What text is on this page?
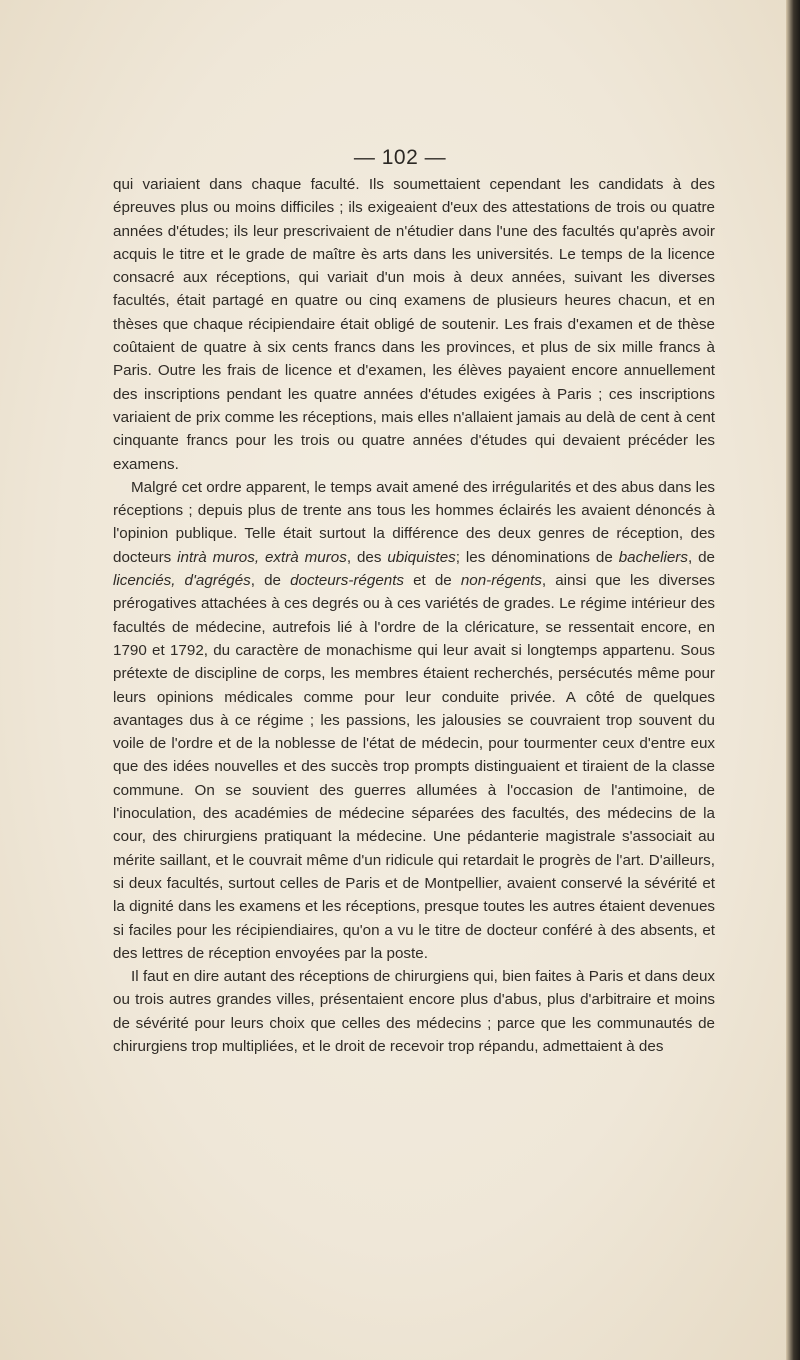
— 102 —

qui variaient dans chaque faculté. Ils soumettaient cependant les candidats à des épreuves plus ou moins difficiles ; ils exigeaient d'eux des attestations de trois ou quatre années d'études; ils leur prescrivaient de n'étudier dans l'une des facultés qu'après avoir acquis le titre et le grade de maître ès arts dans les universités. Le temps de la licence consacré aux réceptions, qui variait d'un mois à deux années, suivant les diverses facultés, était partagé en quatre ou cinq examens de plusieurs heures chacun, et en thèses que chaque récipiendaire était obligé de soutenir. Les frais d'examen et de thèse coûtaient de quatre à six cents francs dans les provinces, et plus de six mille francs à Paris. Outre les frais de licence et d'examen, les élèves payaient encore annuellement des inscriptions pendant les quatre années d'études exigées à Paris ; ces inscriptions variaient de prix comme les réceptions, mais elles n'allaient jamais au delà de cent à cent cinquante francs pour les trois ou quatre années d'études qui devaient précéder les examens.

Malgré cet ordre apparent, le temps avait amené des irrégularités et des abus dans les réceptions ; depuis plus de trente ans tous les hommes éclairés les avaient dénoncés à l'opinion publique. Telle était surtout la différence des deux genres de réception, des docteurs intrà muros, extrà muros, des ubiquistes; les dénominations de bacheliers, de licenciés, d'agrégés, de docteurs-régents et de non-régents, ainsi que les diverses prérogatives attachées à ces degrés ou à ces variétés de grades. Le régime intérieur des facultés de médecine, autrefois lié à l'ordre de la cléricature, se ressentait encore, en 1790 et 1792, du caractère de monachisme qui leur avait si longtemps appartenu. Sous prétexte de discipline de corps, les membres étaient recherchés, persécutés même pour leurs opinions médicales comme pour leur conduite privée. A côté de quelques avantages dus à ce régime ; les passions, les jalousies se couvraient trop souvent du voile de l'ordre et de la noblesse de l'état de médecin, pour tourmenter ceux d'entre eux que des idées nouvelles et des succès trop prompts distinguaient et tiraient de la classe commune. On se souvient des guerres allumées à l'occasion de l'antimoine, de l'inoculation, des académies de médecine séparées des facultés, des médecins de la cour, des chirurgiens pratiquant la médecine. Une pédanterie magistrale s'associait au mérite saillant, et le couvrait même d'un ridicule qui retardait le progrès de l'art. D'ailleurs, si deux facultés, surtout celles de Paris et de Montpellier, avaient conservé la sévérité et la dignité dans les examens et les réceptions, presque toutes les autres étaient devenues si faciles pour les récipiendiaires, qu'on a vu le titre de docteur conféré à des absents, et des lettres de réception envoyées par la poste.

Il faut en dire autant des réceptions de chirurgiens qui, bien faites à Paris et dans deux ou trois autres grandes villes, présentaient encore plus d'abus, plus d'arbitraire et moins de sévérité pour leurs choix que celles des médecins ; parce que les communautés de chirurgiens trop multipliées, et le droit de recevoir trop répandu, admettaient à des
